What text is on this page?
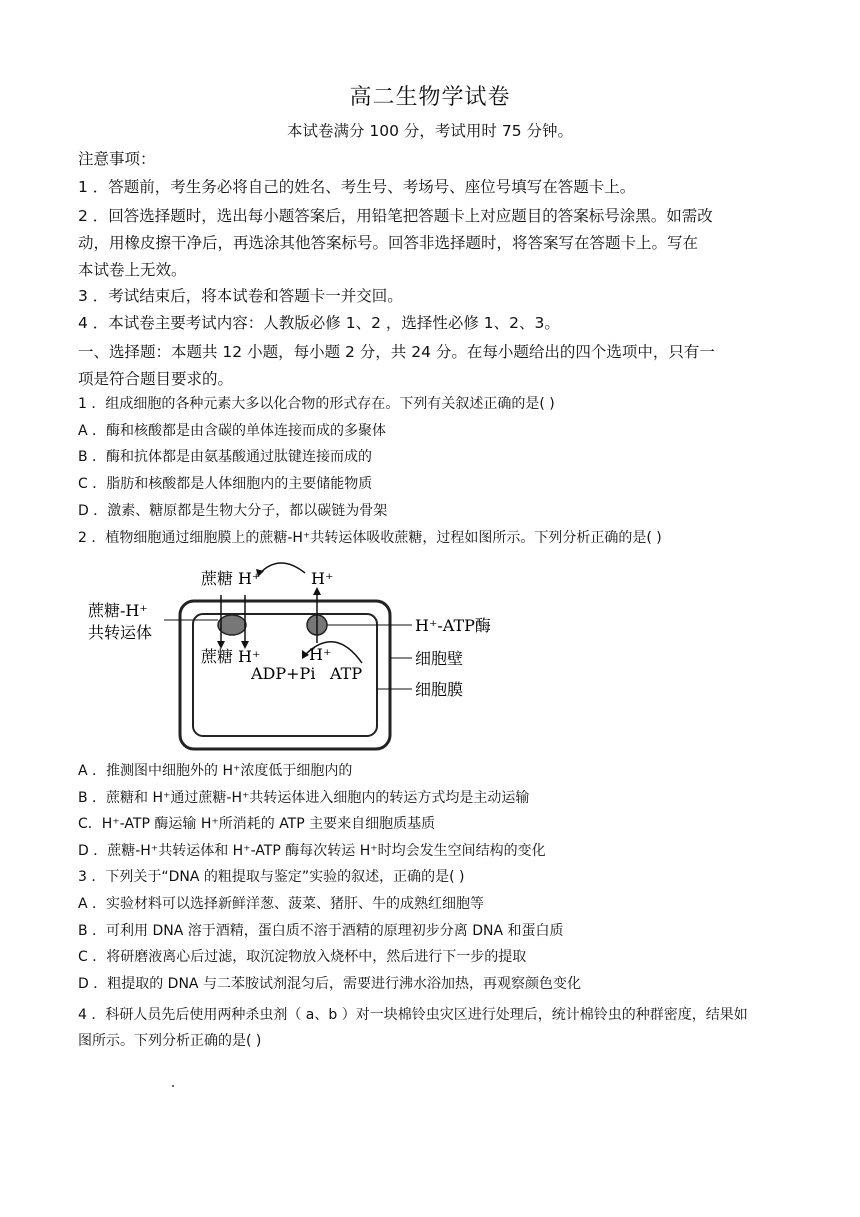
高二生物学试卷
本试卷满分 100 分，考试用时 75 分钟。
注意事项：
1 ．答题前，考生务必将自己的姓名、考生号、考场号、座位号填写在答题卡上。
2 ．回答选择题时，选出每小题答案后，用铅笔把答题卡上对应题目的答案标号涂黑。如需改
动，用橡皮擦干净后，再选涂其他答案标号。回答非选择题时，将答案写在答题卡上。写在
本试卷上无效。
3 ．考试结束后，将本试卷和答题卡一并交回。
4 ．本试卷主要考试内容：人教版必修 1、2 ，选择性必修 1、2、3。
一、选择题：本题共 12 小题，每小题 2 分，共 24 分。在每小题给出的四个选项中，只有一
项是符合题目要求的。
1 ．组成细胞的各种元素大多以化合物的形式存在。下列有关叙述正确的是( )
A ．酶和核酸都是由含碳的单体连接而成的多聚体
B ．酶和抗体都是由氨基酸通过肽键连接而成的
C ．脂肪和核酸都是人体细胞内的主要储能物质
D ．激素、糖原都是生物大分子，都以碳链为骨架
2 ．植物细胞通过细胞膜上的蔗糖-H⁺共转运体吸收蔗糖，过程如图所示。下列分析正确的是( )
蔗糖 H⁺	H⁺
蔗糖-H⁺
共转运体
蔗糖 H⁺	H⁺
ADP+Pi ATP
H⁺-ATP酶
细胞壁
细胞膜
A ．推测图中细胞外的 H⁺浓度低于细胞内的
B ．蔗糖和 H⁺通过蔗糖-H⁺共转运体进入细胞内的转运方式均是主动运输
C．H⁺-ATP 酶运输 H⁺所消耗的 ATP 主要来自细胞质基质
D ．蔗糖-H⁺共转运体和 H⁺-ATP 酶每次转运 H⁺时均会发生空间结构的变化
3 ．下列关于“DNA 的粗提取与鉴定”实验的叙述，正确的是( )
A ．实验材料可以选择新鲜洋葱、菠菜、猪肝、牛的成熟红细胞等
B ．可利用 DNA 溶于酒精，蛋白质不溶于酒精的原理初步分离 DNA 和蛋白质
C ．将研磨液离心后过滤，取沉淀物放入烧杯中，然后进行下一步的提取
D ．粗提取的 DNA 与二苯胺试剂混匀后，需要进行沸水浴加热，再观察颜色变化
4 ．科研人员先后使用两种杀虫剂（ a、b ）对一块棉铃虫灾区进行处理后，统计棉铃虫的种群密度，结果如
图所示。下列分析正确的是( )
